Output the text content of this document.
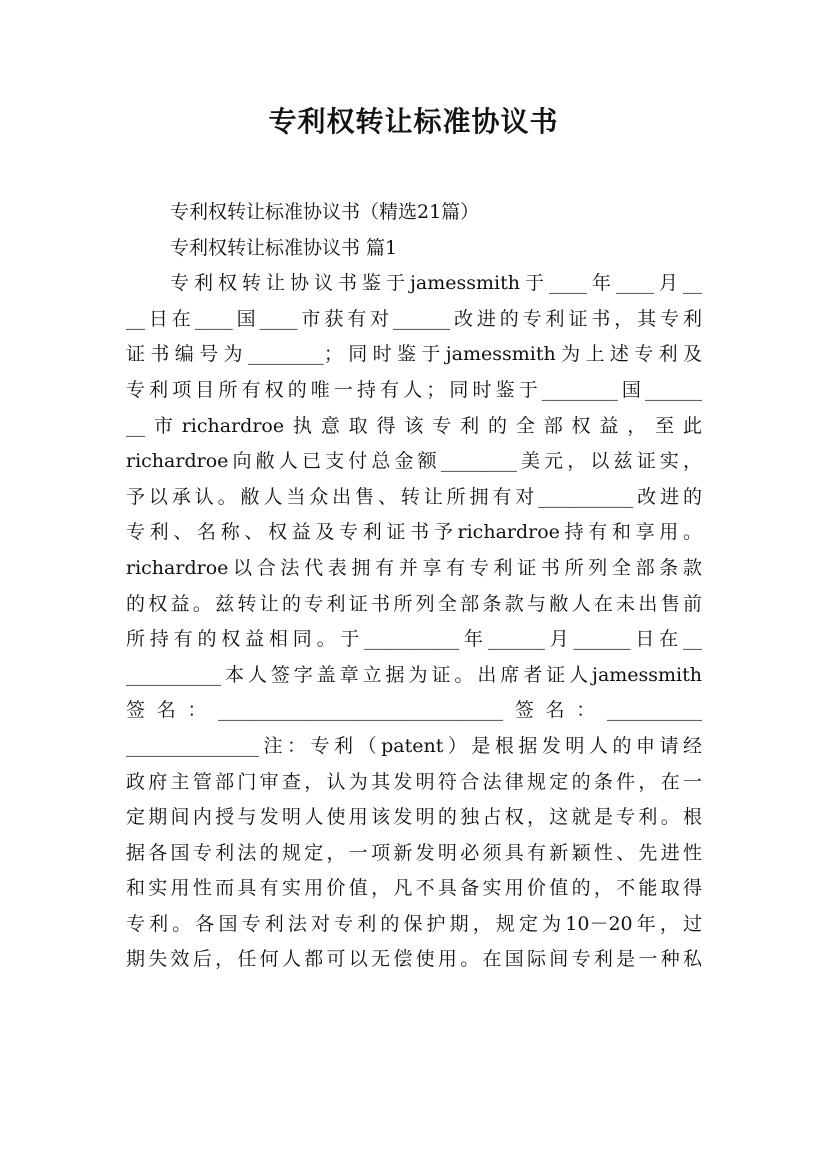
专利权转让标准协议书
专利权转让标准协议书（精选21篇）
专利权转让标准协议书 篇1
专利权转让协议书鉴于jamessmith于____年____月__
__日在____国____市获有对______改进的专利证书，其专利
证书编号为________；同时鉴于jamessmith为上述专利及
专利项目所有权的唯一持有人；同时鉴于________国______
__市richardroe执意取得该专利的全部权益，至此
richardroe向敝人已支付总金额________美元，以兹证实，
予以承认。敝人当众出售、转让所拥有对__________改进的
专利、名称、权益及专利证书予richardroe持有和享用。
richardroe以合法代表拥有并享有专利证书所列全部条款
的权益。兹转让的专利证书所列全部条款与敝人在未出售前
所持有的权益相同。于__________年______月______日在__
__________本人签字盖章立据为证。出席者证人jamessmith
签名：______________________________签名：__________
______________注：专利（patent）是根据发明人的申请经
政府主管部门审查，认为其发明符合法律规定的条件，在一
定期间内授与发明人使用该发明的独占权，这就是专利。根
据各国专利法的规定，一项新发明必须具有新颖性、先进性
和实用性而具有实用价值，凡不具备实用价值的，不能取得
专利。各国专利法对专利的保护期，规定为10－20年，过
期失效后，任何人都可以无偿使用。在国际间专利是一种私
